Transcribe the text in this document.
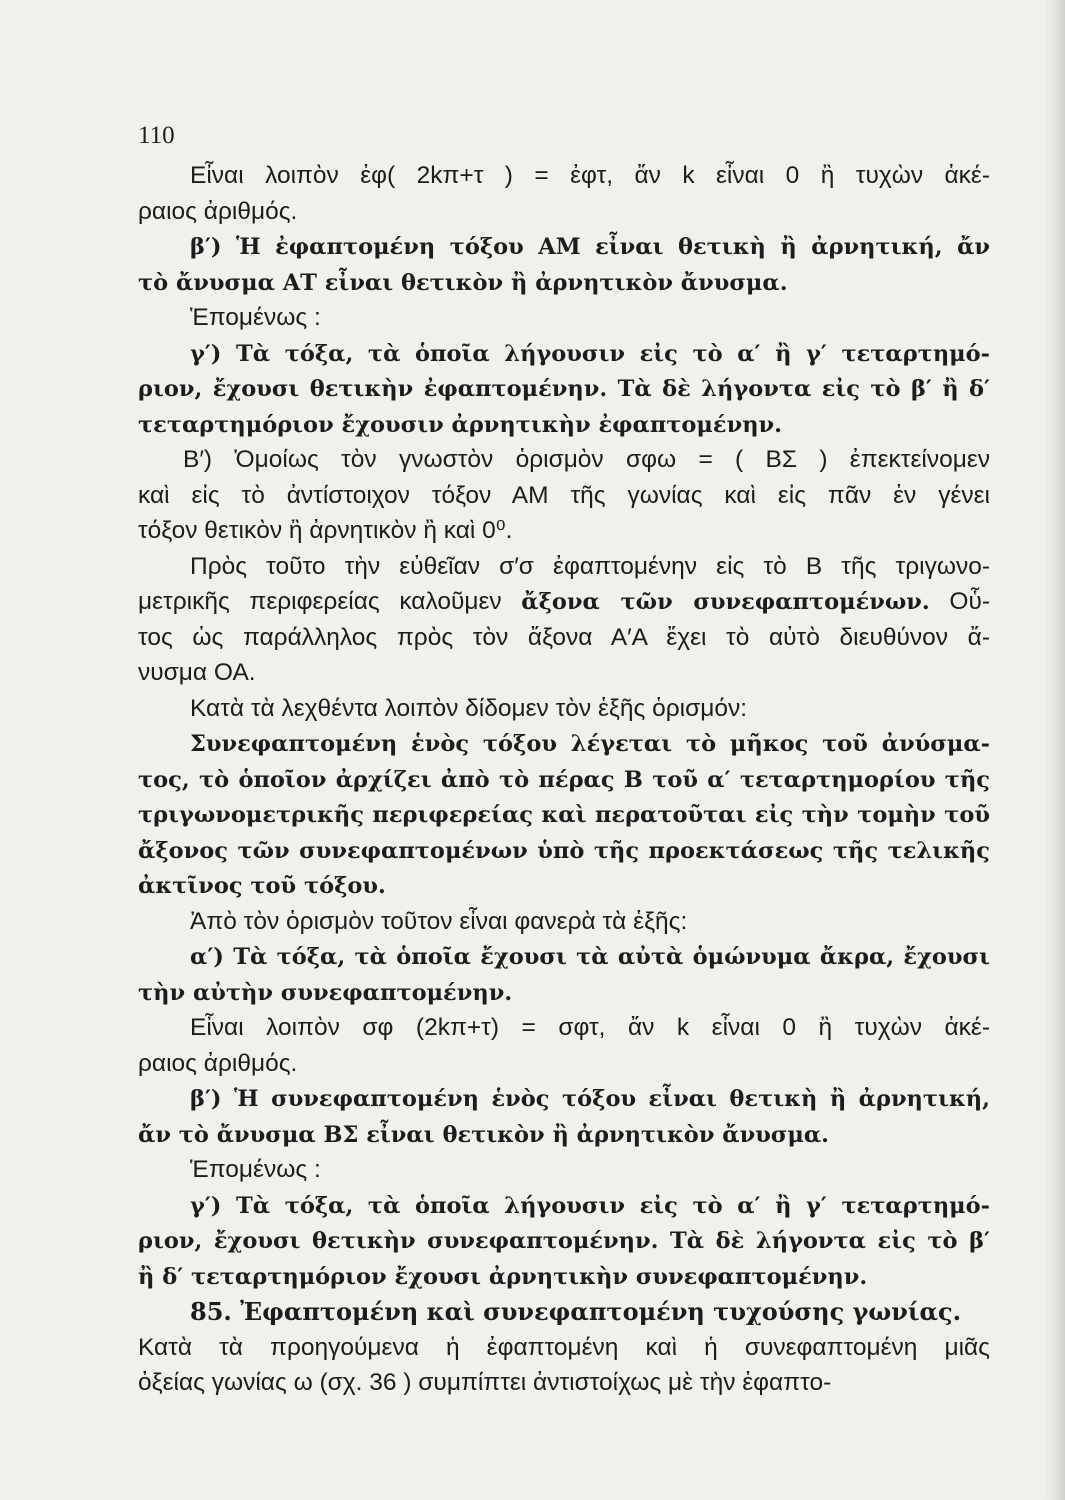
110
Εἶναι λοιπὸν ἐφ( 2kπ+τ ) = ἐφτ, ἄν k εἶναι 0 ἢ τυχὼν ἀκέ-
ραιος ἀριθμός.
β′) Ἡ ἐφαπτομένη τόξου ΑΜ εἶναι θετικὴ ἢ ἀρνητική, ἄν
τὸ ἄνυσμα ΑΤ εἶναι θετικὸν ἢ ἀρνητικὸν ἄνυσμα.
Ἑπομένως :
γ′) Τὰ τόξα, τὰ ὁποῖα λήγουσιν εἰς τὸ α′ ἢ γ′ τεταρτημό-
ριον, ἔχουσι θετικὴν ἐφαπτομένην. Τὰ δὲ λήγοντα εἰς τὸ β′ ἢ δ′
τεταρτημόριον ἔχουσιν ἀρνητικὴν ἐφαπτομένην.
Β′) Ὁμοίως τὸν γνωστὸν ὁρισμὸν σφω = ( ΒΣ ) ἐπεκτείνομεν
καὶ εἰς τὸ ἀντίστοιχον τόξον ΑΜ τῆς γωνίας καὶ εἰς πᾶν ἐν γένει
τόξον θετικὸν ἢ ἀρνητικὸν ἢ καὶ 0⁰.
Πρὸς τοῦτο τὴν εὐθεῖαν σ′σ ἐφαπτομένην εἰς τὸ Β τῆς τριγωνο-
μετρικῆς περιφερείας καλοῦμεν ἄξονα τῶν συνεφαπτομένων. Οὗ-
τος ὡς παράλληλος πρὸς τὸν ἄξονα Α′Α ἔχει τὸ αὐτὸ διευθύνον ἄ-
νυσμα ΟΑ.
Κατὰ τὰ λεχθέντα λοιπὸν δίδομεν τὸν ἑξῆς ὁρισμόν:
Συνεφαπτομένη ἑνὸς τόξου λέγεται τὸ μῆκος τοῦ ἀνύσμα-
τος, τὸ ὁποῖον ἀρχίζει ἀπὸ τὸ πέρας Β τοῦ α′ τεταρτημορίου τῆς
τριγωνομετρικῆς περιφερείας καὶ περατοῦται εἰς τὴν τομὴν τοῦ
ἄξονος τῶν συνεφαπτομένων ὑπὸ τῆς προεκτάσεως τῆς τελικῆς
ἀκτῖνος τοῦ τόξου.
Ἀπὸ τὸν ὁρισμὸν τοῦτον εἶναι φανερὰ τὰ ἑξῆς:
α′) Τὰ τόξα, τὰ ὁποῖα ἔχουσι τὰ αὐτὰ ὁμώνυμα ἄκρα, ἔχουσι
τὴν αὐτὴν συνεφαπτομένην.
Εἶναι λοιπὸν σφ (2kπ+τ) = σφτ, ἄν k εἶναι 0 ἢ τυχὼν ἀκέ-
ραιος ἀριθμός.
β′) Ἡ συνεφαπτομένη ἑνὸς τόξου εἶναι θετικὴ ἢ ἀρνητική,
ἄν τὸ ἄνυσμα ΒΣ εἶναι θετικὸν ἢ ἀρνητικὸν ἄνυσμα.
Ἑπομένως :
γ′) Τὰ τόξα, τὰ ὁποῖα λήγουσιν εἰς τὸ α′ ἢ γ′ τεταρτημό-
ριον, ἔχουσι θετικὴν συνεφαπτομένην. Τὰ δὲ λήγοντα εἰς τὸ β′
ἢ δ′ τεταρτημόριον ἔχουσι ἀρνητικὴν συνεφαπτομένην.
85. Ἐφαπτομένη καὶ συνεφαπτομένη τυχούσης γωνίας.
Κατὰ τὰ προηγούμενα ἡ ἐφαπτομένη καὶ ἡ συνεφαπτομένη μιᾶς
ὀξείας γωνίας ω (σχ. 36 ) συμπίπτει ἀντιστοίχως μὲ τὴν ἐφαπτο-
